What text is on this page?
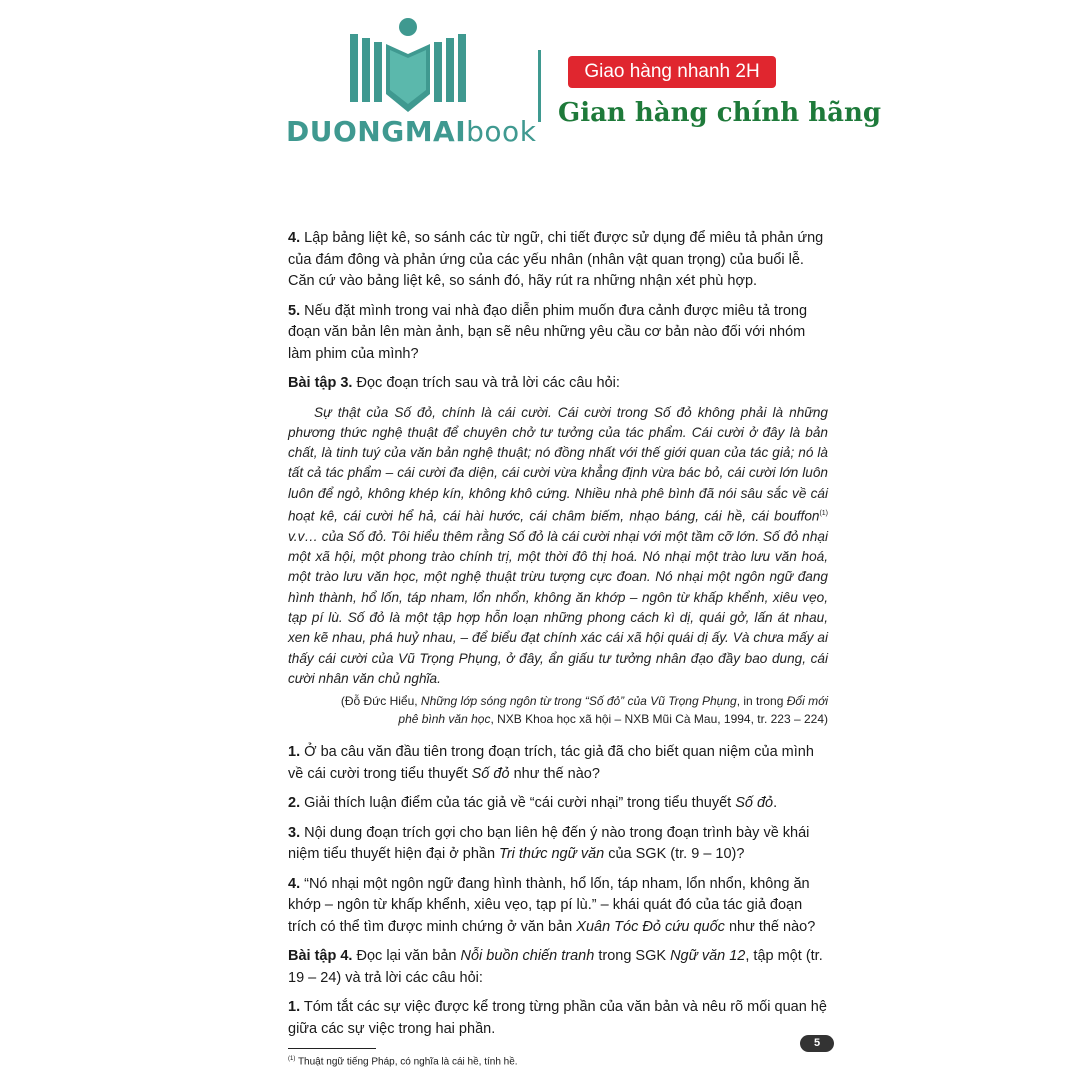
DUONGMAIbook
Giao hàng nhanh 2H
Gian hàng chính hãng

4. Lập bảng liệt kê, so sánh các từ ngữ, chi tiết được sử dụng để miêu tả phản ứng của đám đông và phản ứng của các yếu nhân (nhân vật quan trọng) của buổi lễ. Căn cứ vào bảng liệt kê, so sánh đó, hãy rút ra những nhận xét phù hợp.

5. Nếu đặt mình trong vai nhà đạo diễn phim muốn đưa cảnh được miêu tả trong đoạn văn bản lên màn ảnh, bạn sẽ nêu những yêu cầu cơ bản nào đối với nhóm làm phim của mình?

Bài tập 3. Đọc đoạn trích sau và trả lời các câu hỏi:

Sự thật của Số đỏ, chính là cái cười. Cái cười trong Số đỏ không phải là những phương thức nghệ thuật để chuyên chở tư tưởng của tác phẩm. Cái cười ở đây là bản chất, là tinh tuý của văn bản nghệ thuật; nó đồng nhất với thế giới quan của tác giả; nó là tất cả tác phẩm – cái cười đa diện, cái cười vừa khẳng định vừa bác bỏ, cái cười lớn luôn luôn để ngỏ, không khép kín, không khô cứng. Nhiều nhà phê bình đã nói sâu sắc về cái hoạt kê, cái cười hể hả, cái hài hước, cái châm biếm, nhạo báng, cái hề, cái bouffon$^{(1)}$ v.v… của Số đỏ. Tôi hiểu thêm rằng Số đỏ là cái cười nhại với một tầm cỡ lớn. Số đỏ nhại một xã hội, một phong trào chính trị, một thời đô thị hoá. Nó nhại một trào lưu văn hoá, một trào lưu văn học, một nghệ thuật trừu tượng cực đoan. Nó nhại một ngôn ngữ đang hình thành, hổ lốn, táp nham, lổn nhổn, không ăn khớp – ngôn từ khấp khểnh, xiêu vẹo, tạp pí lù. Số đỏ là một tập hợp hỗn loạn những phong cách kì dị, quái gở, lấn át nhau, xen kẽ nhau, phá huỷ nhau, – để biểu đạt chính xác cái xã hội quái dị ấy. Và chưa mấy ai thấy cái cười của Vũ Trọng Phụng, ở đây, ẩn giấu tư tưởng nhân đạo đầy bao dung, cái cười nhân văn chủ nghĩa.

(Đỗ Đức Hiểu, Những lớp sóng ngôn từ trong “Số đỏ” của Vũ Trọng Phụng, in trong Đổi mới phê bình văn học, NXB Khoa học xã hội – NXB Mũi Cà Mau, 1994, tr. 223 – 224)

1. Ở ba câu văn đầu tiên trong đoạn trích, tác giả đã cho biết quan niệm của mình về cái cười trong tiểu thuyết Số đỏ như thế nào?

2. Giải thích luận điểm của tác giả về “cái cười nhại” trong tiểu thuyết Số đỏ.

3. Nội dung đoạn trích gợi cho bạn liên hệ đến ý nào trong đoạn trình bày về khái niệm tiểu thuyết hiện đại ở phần Tri thức ngữ văn của SGK (tr. 9 – 10)?

4. “Nó nhại một ngôn ngữ đang hình thành, hổ lốn, táp nham, lổn nhổn, không ăn khớp – ngôn từ khấp khểnh, xiêu vẹo, tạp pí lù.” – khái quát đó của tác giả đoạn trích có thể tìm được minh chứng ở văn bản Xuân Tóc Đỏ cứu quốc như thế nào?

Bài tập 4. Đọc lại văn bản Nỗi buồn chiến tranh trong SGK Ngữ văn 12, tập một (tr. 19 – 24) và trả lời các câu hỏi:

1. Tóm tắt các sự việc được kể trong từng phần của văn bản và nêu rõ mối quan hệ giữa các sự việc trong hai phần.

$^{(1)}$ Thuật ngữ tiếng Pháp, có nghĩa là cái hề, tính hề.

5
